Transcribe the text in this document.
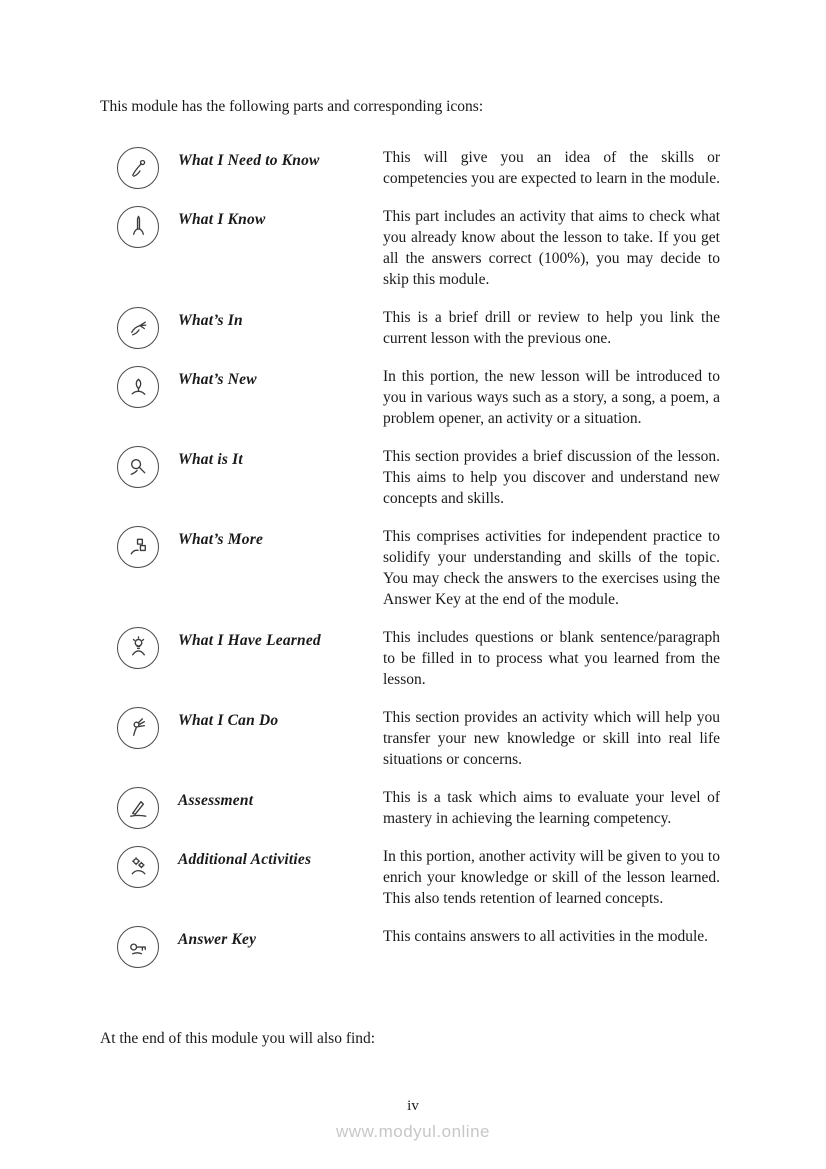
This module has the following parts and corresponding icons:

What I Need to Know	This will give you an idea of the skills or competencies you are expected to learn in the module.
What I Know	This part includes an activity that aims to check what you already know about the lesson to take. If you get all the answers correct (100%), you may decide to skip this module.
What’s In	This is a brief drill or review to help you link the current lesson with the previous one.
What’s New	In this portion, the new lesson will be introduced to you in various ways such as a story, a song, a poem, a problem opener, an activity or a situation.
What is It	This section provides a brief discussion of the lesson. This aims to help you discover and understand new concepts and skills.
What’s More	This comprises activities for independent practice to solidify your understanding and skills of the topic. You may check the answers to the exercises using the Answer Key at the end of the module.
What I Have Learned	This includes questions or blank sentence/paragraph to be filled in to process what you learned from the lesson.
What I Can Do	This section provides an activity which will help you transfer your new knowledge or skill into real life situations or concerns.
Assessment	This is a task which aims to evaluate your level of mastery in achieving the learning competency.
Additional Activities	In this portion, another activity will be given to you to enrich your knowledge or skill of the lesson learned. This also tends retention of learned concepts.
Answer Key	This contains answers to all activities in the module.

At the end of this module you will also find:

iv
www.modyul.online
